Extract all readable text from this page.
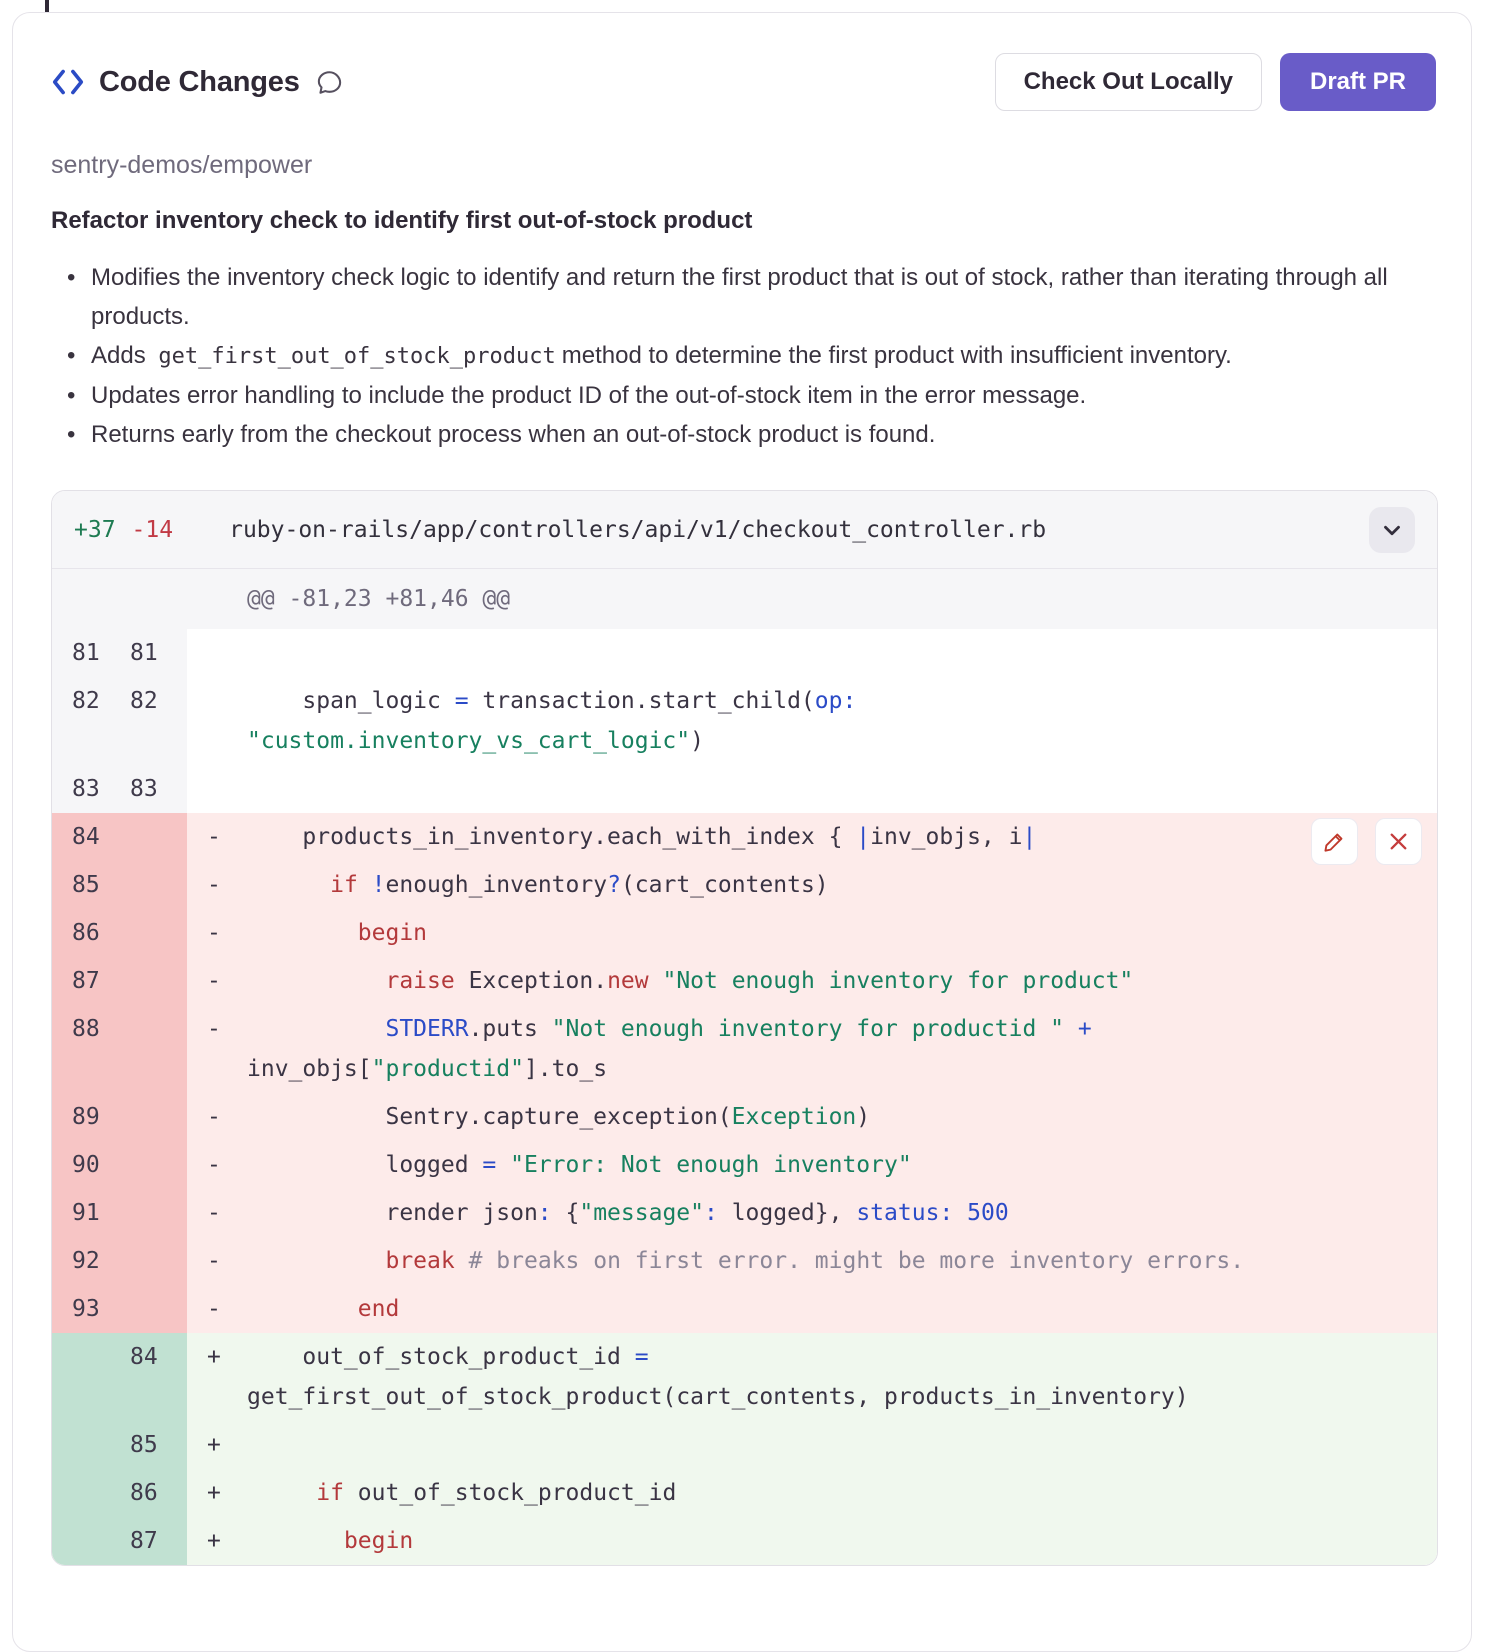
Code Changes	Check Out Locally	Draft PR
sentry-demos/empower
Refactor inventory check to identify first out-of-stock product
• Modifies the inventory check logic to identify and return the first product that is out of stock, rather than iterating through all products.
• Adds get_first_out_of_stock_product method to determine the first product with insufficient inventory.
• Updates error handling to include the product ID of the out-of-stock item in the error message.
• Returns early from the checkout process when an out-of-stock product is found.
+37 -14 ruby-on-rails/app/controllers/api/v1/checkout_controller.rb
@@ -81,23 +81,46 @@
81	81
82	82	span_logic = transaction.start_child(op:
"custom.inventory_vs_cart_logic")
83	83
84	-	products_in_inventory.each_with_index { |inv_objs, i|
85	-	if !enough_inventory?(cart_contents)
86	-	begin
87	-	raise Exception.new "Not enough inventory for product"
88	-	STDERR.puts "Not enough inventory for productid " +
inv_objs["productid"].to_s
89	-	Sentry.capture_exception(Exception)
90	-	logged = "Error: Not enough inventory"
91	-	render json: {"message": logged}, status: 500
92	-	break # breaks on first error. might be more inventory errors.
93	-	end
84	+	out_of_stock_product_id =
get_first_out_of_stock_product(cart_contents, products_in_inventory)
85	+
86	+	if out_of_stock_product_id
87	+	begin
